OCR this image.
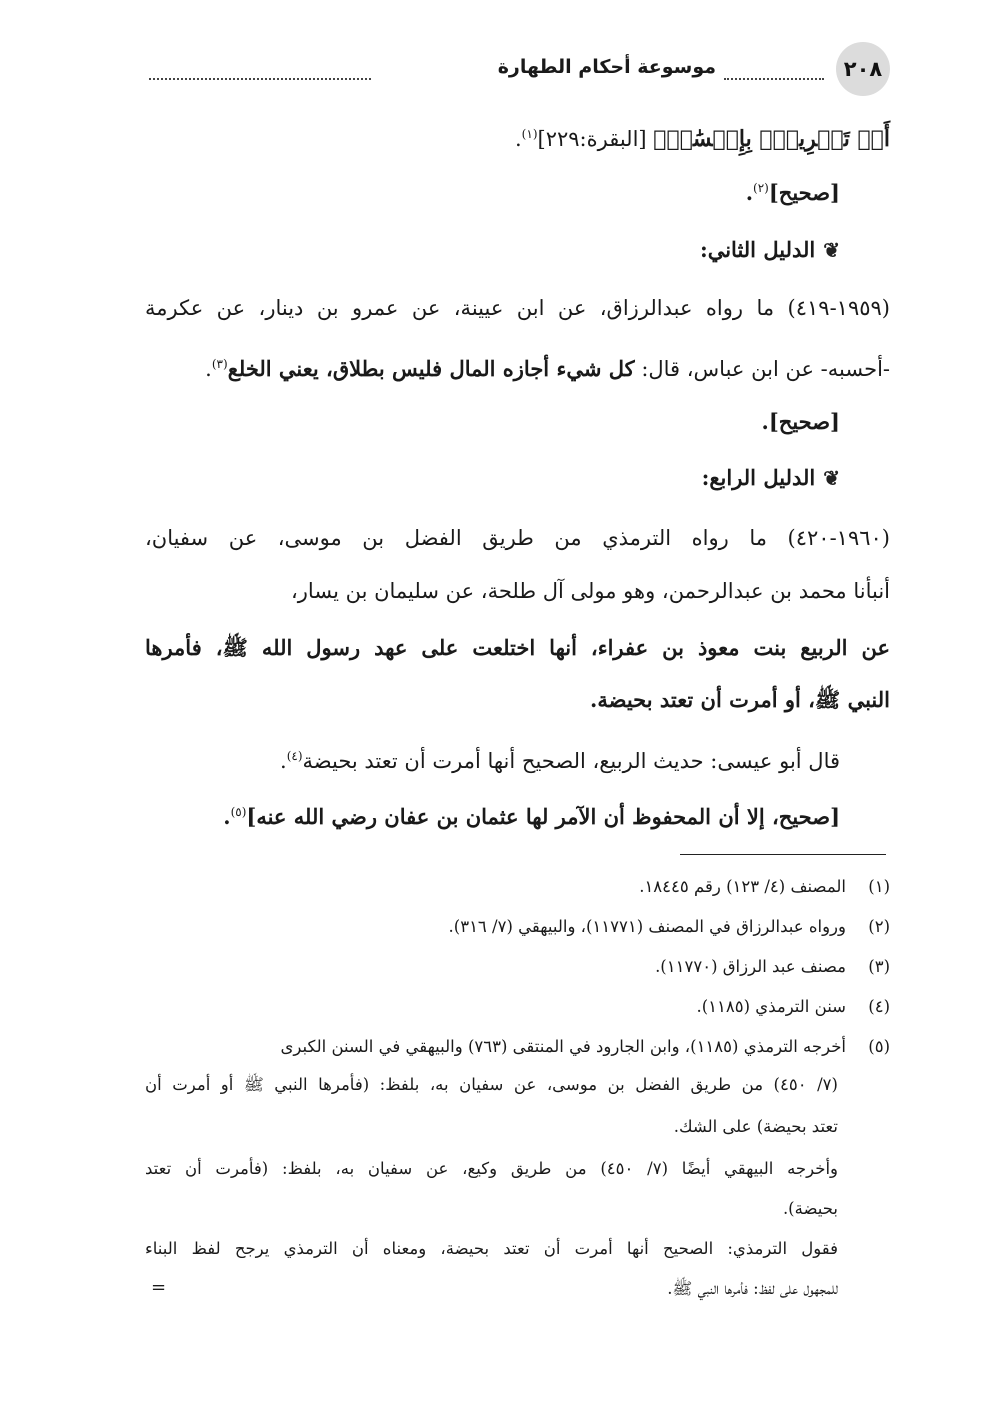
٢٠٨
موسوعة أحكام الطهارة
أَوۡ تَسۡرِيحُۢ بِإِحۡسَٰنٖۗ [البقرة:٢٢٩]$^{(١)}$.
[صحيح]$^{(٢)}$.
❦الدليل الثاني:
(١٩٥٩-٤١٩) ما رواه عبدالرزاق، عن ابن عيينة، عن عمرو بن دينار، عن عكرمة
-أحسبه- عن ابن عباس، قال: كل شيء أجازه المال فليس بطلاق، يعني الخلع$^{(٣)}$.
[صحيح].
❦الدليل الرابع:
(١٩٦٠-٤٢٠) ما رواه الترمذي من طريق الفضل بن موسى، عن سفيان،
أنبأنا محمد بن عبدالرحمن، وهو مولى آل طلحة، عن سليمان بن يسار،
عن الربيع بنت معوذ بن عفراء، أنها اختلعت على عهد رسول الله ﷺ، فأمرها
النبي ﷺ، أو أمرت أن تعتد بحيضة.
قال أبو عيسى: حديث الربيع، الصحيح أنها أمرت أن تعتد بحيضة$^{(٤)}$.
[صحيح، إلا أن المحفوظ أن الآمر لها عثمان بن عفان رضي الله عنه]$^{(٥)}$.
(١)المصنف (٤/ ١٢٣) رقم ١٨٤٤٥.
(٢)ورواه عبدالرزاق في المصنف (١١٧٧١)، والبيهقي (٧/ ٣١٦).
(٣)مصنف عبد الرزاق (١١٧٧٠).
(٤)سنن الترمذي (١١٨٥).
(٥)أخرجه الترمذي (١١٨٥)، وابن الجارود في المنتقى (٧٦٣) والبيهقي في السنن الكبرى
(٧/ ٤٥٠) من طريق الفضل بن موسى، عن سفيان به، بلفظ: (فأمرها النبي ﷺ أو أمرت أن
تعتد بحيضة) على الشك.
وأخرجه البيهقي أيضًا (٧/ ٤٥٠) من طريق وكيع، عن سفيان به، بلفظ: (فأمرت أن تعتد
بحيضة).
فقول الترمذي: الصحيح أنها أمرت أن تعتد بحيضة، ومعناه أن الترمذي يرجح لفظ البناء
للمجهول على لفظ: فأمرها النبي ﷺ.
=
